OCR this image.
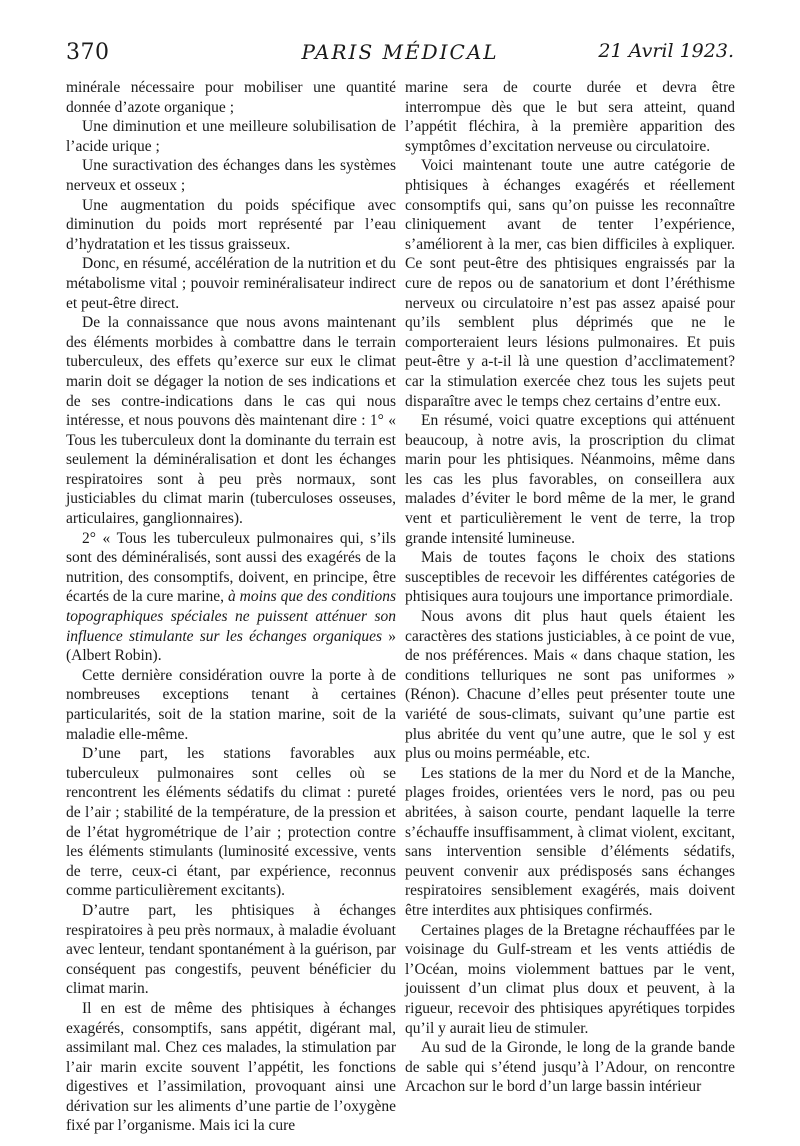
370	PARIS MÉDICAL	21 Avril 1923.

minérale nécessaire pour mobiliser une quantité donnée d’azote organique ;

Une diminution et une meilleure solubilisation de l’acide urique ;

Une suractivation des échanges dans les systèmes nerveux et osseux ;

Une augmentation du poids spécifique avec diminution du poids mort représenté par l’eau d’hydratation et les tissus graisseux.

Donc, en résumé, accélération de la nutrition et du métabolisme vital ; pouvoir reminéralisateur indirect et peut-être direct.

De la connaissance que nous avons maintenant des éléments morbides à combattre dans le terrain tuberculeux, des effets qu’exerce sur eux le climat marin doit se dégager la notion de ses indications et de ses contre-indications dans le cas qui nous intéresse, et nous pouvons dès maintenant dire : 1° « Tous les tuberculeux dont la dominante du terrain est seulement la déminéralisation et dont les échanges respiratoires sont à peu près normaux, sont justiciables du climat marin (tuberculoses osseuses, articulaires, ganglionnaires).

2° « Tous les tuberculeux pulmonaires qui, s’ils sont des déminéralisés, sont aussi des exagérés de la nutrition, des consomptifs, doivent, en principe, être écartés de la cure marine, à moins que des conditions topographiques spéciales ne puissent atténuer son influence stimulante sur les échanges organiques » (Albert Robin).

Cette dernière considération ouvre la porte à de nombreuses exceptions tenant à certaines particularités, soit de la station marine, soit de la maladie elle-même.

D’une part, les stations favorables aux tuberculeux pulmonaires sont celles où se rencontrent les éléments sédatifs du climat : pureté de l’air ; stabilité de la température, de la pression et de l’état hygrométrique de l’air ; protection contre les éléments stimulants (luminosité excessive, vents de terre, ceux-ci étant, par expérience, reconnus comme particulièrement excitants).

D’autre part, les phtisiques à échanges respiratoires à peu près normaux, à maladie évoluant avec lenteur, tendant spontanément à la guérison, par conséquent pas congestifs, peuvent bénéficier du climat marin.

Il en est de même des phtisiques à échanges exagérés, consomptifs, sans appétit, digérant mal, assimilant mal. Chez ces malades, la stimulation par l’air marin excite souvent l’appétit, les fonctions digestives et l’assimilation, provoquant ainsi une dérivation sur les aliments d’une partie de l’oxygène fixé par l’organisme. Mais ici la cure

marine sera de courte durée et devra être interrompue dès que le but sera atteint, quand l’appétit fléchira, à la première apparition des symptômes d’excitation nerveuse ou circulatoire.

Voici maintenant toute une autre catégorie de phtisiques à échanges exagérés et réellement consomptifs qui, sans qu’on puisse les reconnaître cliniquement avant de tenter l’expérience, s’améliorent à la mer, cas bien difficiles à expliquer. Ce sont peut-être des phtisiques engraissés par la cure de repos ou de sanatorium et dont l’éréthisme nerveux ou circulatoire n’est pas assez apaisé pour qu’ils semblent plus déprimés que ne le comporteraient leurs lésions pulmonaires. Et puis peut-être y a-t-il là une question d’acclimatement? car la stimulation exercée chez tous les sujets peut disparaître avec le temps chez certains d’entre eux.

En résumé, voici quatre exceptions qui atténuent beaucoup, à notre avis, la proscription du climat marin pour les phtisiques. Néanmoins, même dans les cas les plus favorables, on conseillera aux malades d’éviter le bord même de la mer, le grand vent et particulièrement le vent de terre, la trop grande intensité lumineuse.

Mais de toutes façons le choix des stations susceptibles de recevoir les différentes catégories de phtisiques aura toujours une importance primordiale.

Nous avons dit plus haut quels étaient les caractères des stations justiciables, à ce point de vue, de nos préférences. Mais « dans chaque station, les conditions telluriques ne sont pas uniformes » (Rénon). Chacune d’elles peut présenter toute une variété de sous-climats, suivant qu’une partie est plus abritée du vent qu’une autre, que le sol y est plus ou moins perméable, etc.

Les stations de la mer du Nord et de la Manche, plages froides, orientées vers le nord, pas ou peu abritées, à saison courte, pendant laquelle la terre s’échauffe insuffisamment, à climat violent, excitant, sans intervention sensible d’éléments sédatifs, peuvent convenir aux prédisposés sans échanges respiratoires sensiblement exagérés, mais doivent être interdites aux phtisiques confirmés.

Certaines plages de la Bretagne réchauffées par le voisinage du Gulf-stream et les vents attiédis de l’Océan, moins violemment battues par le vent, jouissent d’un climat plus doux et peuvent, à la rigueur, recevoir des phtisiques apyrétiques torpides qu’il y aurait lieu de stimuler.

Au sud de la Gironde, le long de la grande bande de sable qui s’étend jusqu’à l’Adour, on rencontre Arcachon sur le bord d’un large bassin intérieur
